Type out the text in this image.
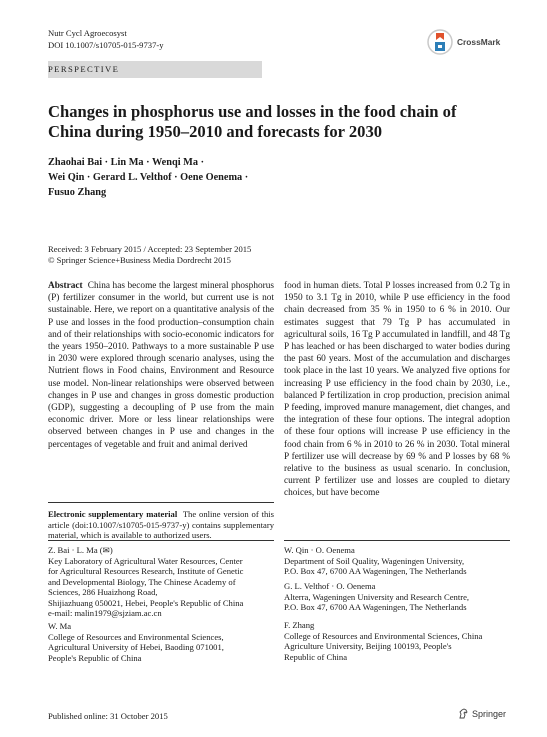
Nutr Cycl Agroecosyst
DOI 10.1007/s10705-015-9737-y	CrossMark
PERSPECTIVE
Changes in phosphorus use and losses in the food chain of China during 1950–2010 and forecasts for 2030
Zhaohai Bai · Lin Ma · Wenqi Ma ·
Wei Qin · Gerard L. Velthof · Oene Oenema ·
Fusuo Zhang
Received: 3 February 2015 / Accepted: 23 September 2015
© Springer Science+Business Media Dordrecht 2015
Abstract China has become the largest mineral phosphorus (P) fertilizer consumer in the world, but current use is not sustainable. Here, we report on a quantitative analysis of the P use and losses in the food production–consumption chain and of their relationships with socio-economic indicators for the years 1950–2010. Pathways to a more sustainable P use in 2030 were explored through scenario analyses, using the Nutrient flows in Food chains, Environment and Resource use model. Non-linear relationships were observed between changes in P use and changes in gross domestic production (GDP), suggesting a decoupling of P use from the main economic driver. More or less linear relationships were observed between changes in P use and changes in the percentages of vegetable and fruit and animal derived
food in human diets. Total P losses increased from 0.2 Tg in 1950 to 3.1 Tg in 2010, while P use efficiency in the food chain decreased from 35 % in 1950 to 6 % in 2010. Our estimates suggest that 79 Tg P has accumulated in agricultural soils, 16 Tg P accumulated in landfill, and 48 Tg P has leached or has been discharged to water bodies during the past 60 years. Most of the accumulation and discharges took place in the last 10 years. We analyzed five options for increasing P use efficiency in the food chain by 2030, i.e., balanced P fertilization in crop production, precision animal P feeding, improved manure management, diet changes, and the integration of these four options. The integral adoption of these four options will increase P use efficiency in the food chain from 6 % in 2010 to 26 % in 2030. Total mineral P fertilizer use will decrease by 69 % and P losses by 68 % relative to the business as usual scenario. In conclusion, current P fertilizer use and losses are coupled to dietary choices, but have become
Electronic supplementary material The online version of this article (doi:10.1007/s10705-015-9737-y) contains supplementary material, which is available to authorized users.
Z. Bai · L. Ma (✉)
Key Laboratory of Agricultural Water Resources, Center
for Agricultural Resources Research, Institute of Genetic
and Developmental Biology, The Chinese Academy of
Sciences, 286 Huaizhong Road,
Shijiazhuang 050021, Hebei, People's Republic of China
e-mail: malin1979@sjziam.ac.cn
W. Ma
College of Resources and Environmental Sciences,
Agricultural University of Hebei, Baoding 071001,
People's Republic of China
W. Qin · O. Oenema
Department of Soil Quality, Wageningen University,
P.O. Box 47, 6700 AA Wageningen, The Netherlands
G. L. Velthof · O. Oenema
Alterra, Wageningen University and Research Centre,
P.O. Box 47, 6700 AA Wageningen, The Netherlands
F. Zhang
College of Resources and Environmental Sciences, China
Agriculture University, Beijing 100193, People's
Republic of China
Published online: 31 October 2015	Springer
